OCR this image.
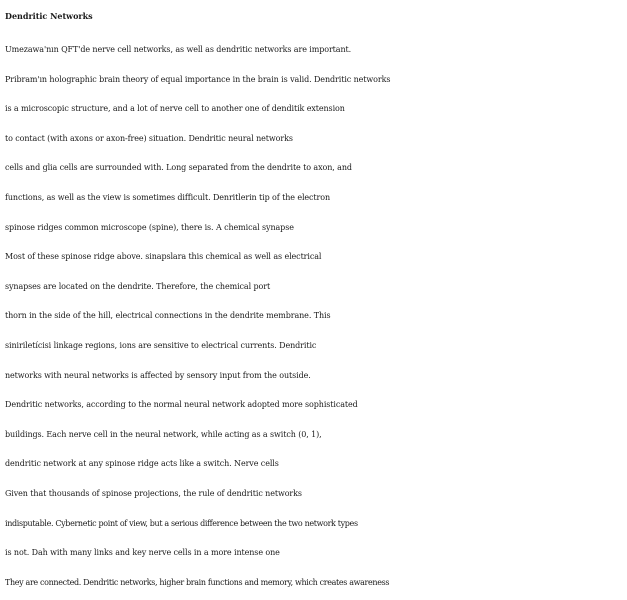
Dendritic Networks
Umezawa'nın QFT'de nerve cell networks, as well as dendritic networks are important.
Pribram'ın holographic brain theory of equal importance in the brain is valid. Dendritic networks
is a microscopic structure, and a lot of nerve cell to another one of denditik extension
to contact (with axons or axon-free) situation. Dendritic neural networks
cells and glia cells are surrounded with. Long separated from the dendrite to axon, and
functions, as well as the view is sometimes difficult. Denritlerin tip of the electron
spinose ridges common microscope (spine), there is. A chemical synapse
Most of these spinose ridge above. sinapslara this chemical as well as electrical
synapses are located on the dendrite. Therefore, the chemical port
thorn in the side of the hill, electrical connections in the dendrite membrane. This
siniriletícisi linkage regions, ions are sensitive to electrical currents. Dendritic
networks with neural networks is affected by sensory input from the outside.
Dendritic networks, according to the normal neural network adopted more sophisticated
buildings. Each nerve cell in the neural network, while acting as a switch (0, 1),
dendritic network at any spinose ridge acts like a switch. Nerve cells
Given that thousands of spinose projections, the rule of dendritic networks
indisputable. Cybernetic point of view, but a serious difference between the two network types
is not. Dah with many links and key nerve cells in a more intense one
They are connected. Dendritic networks, higher brain functions and memory, which creates awareness
